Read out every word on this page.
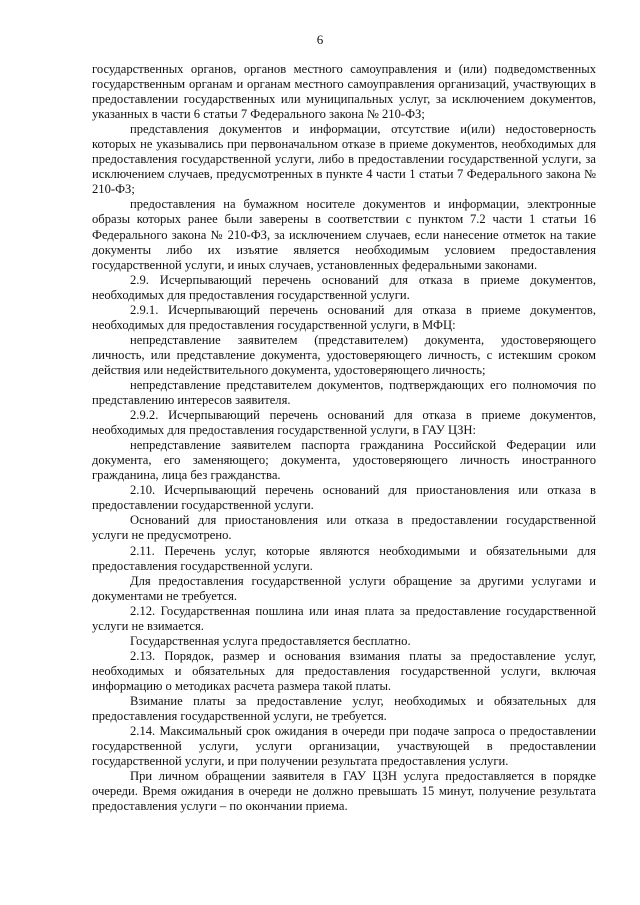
6

государственных органов, органов местного самоуправления и (или) подведомственных государственным органам и органам местного самоуправления организаций, участвующих в предоставлении государственных или муниципальных услуг, за исключением документов, указанных в части 6 статьи 7 Федерального закона № 210-ФЗ;

представления документов и информации, отсутствие и(или) недостоверность которых не указывались при первоначальном отказе в приеме документов, необходимых для предоставления государственной услуги, либо в предоставлении государственной услуги, за исключением случаев, предусмотренных в пункте 4 части 1 статьи 7 Федерального закона № 210-ФЗ;

предоставления на бумажном носителе документов и информации, электронные образы которых ранее были заверены в соответствии с пунктом 7.2 части 1 статьи 16 Федерального закона № 210-ФЗ, за исключением случаев, если нанесение отметок на такие документы либо их изъятие является необходимым условием предоставления государственной услуги, и иных случаев, установленных федеральными законами.

2.9. Исчерпывающий перечень оснований для отказа в приеме документов, необходимых для предоставления государственной услуги.

2.9.1. Исчерпывающий перечень оснований для отказа в приеме документов, необходимых для предоставления государственной услуги, в МФЦ:

непредставление заявителем (представителем) документа, удостоверяющего личность, или представление документа, удостоверяющего личность, с истекшим сроком действия или недействительного документа, удостоверяющего личность;

непредставление представителем документов, подтверждающих его полномочия по представлению интересов заявителя.

2.9.2. Исчерпывающий перечень оснований для отказа в приеме документов, необходимых для предоставления государственной услуги, в ГАУ ЦЗН:

непредставление заявителем паспорта гражданина Российской Федерации или документа, его заменяющего; документа, удостоверяющего личность иностранного гражданина, лица без гражданства.

2.10. Исчерпывающий перечень оснований для приостановления или отказа в предоставлении государственной услуги.

Оснований для приостановления или отказа в предоставлении государственной услуги не предусмотрено.

2.11. Перечень услуг, которые являются необходимыми и обязательными для предоставления государственной услуги.

Для предоставления государственной услуги обращение за другими услугами и документами не требуется.

2.12. Государственная пошлина или иная плата за предоставление государственной услуги не взимается.

Государственная услуга предоставляется бесплатно.

2.13. Порядок, размер и основания взимания платы за предоставление услуг, необходимых и обязательных для предоставления государственной услуги, включая информацию о методиках расчета размера такой платы.

Взимание платы за предоставление услуг, необходимых и обязательных для предоставления государственной услуги, не требуется.

2.14. Максимальный срок ожидания в очереди при подаче запроса о предоставлении государственной услуги, услуги организации, участвующей в предоставлении государственной услуги, и при получении результата предоставления услуги.

При личном обращении заявителя в ГАУ ЦЗН услуга предоставляется в порядке очереди. Время ожидания в очереди не должно превышать 15 минут, получение результата предоставления услуги – по окончании приема.
